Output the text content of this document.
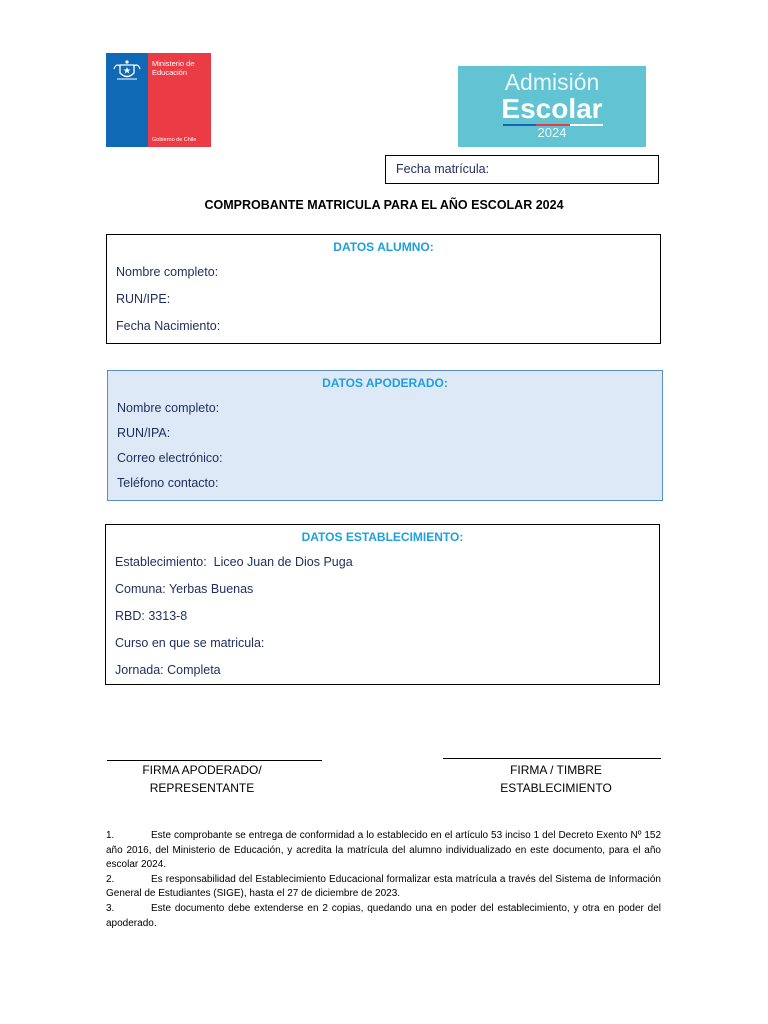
Ministerio de
Educación
Gobierno de Chile
Admisión
Escolar
2024
Fecha matrícula:
COMPROBANTE MATRICULA PARA EL AÑO ESCOLAR 2024
DATOS ALUMNO:
Nombre completo:
RUN/IPE:
Fecha Nacimiento:
DATOS APODERADO:
Nombre completo:
RUN/IPA:
Correo electrónico:
Teléfono contacto:
DATOS ESTABLECIMIENTO:
Establecimiento:  Liceo Juan de Dios Puga
Comuna: Yerbas Buenas
RBD: 3313-8
Curso en que se matricula:
Jornada: Completa
FIRMA APODERADO/
REPRESENTANTE
FIRMA / TIMBRE
ESTABLECIMIENTO
1.	Este comprobante se entrega de conformidad a lo establecido en el artículo 53 inciso 1 del Decreto Exento Nº 152 año 2016, del Ministerio de Educación, y acredita la matrícula del alumno individualizado en este documento, para el año escolar 2024.
2.	Es responsabilidad del Establecimiento Educacional formalizar esta matrícula a través del Sistema de Información General de Estudiantes (SIGE), hasta el 27 de diciembre de 2023.
3.	Este documento debe extenderse en 2 copias, quedando una en poder del establecimiento, y otra en poder del apoderado.
